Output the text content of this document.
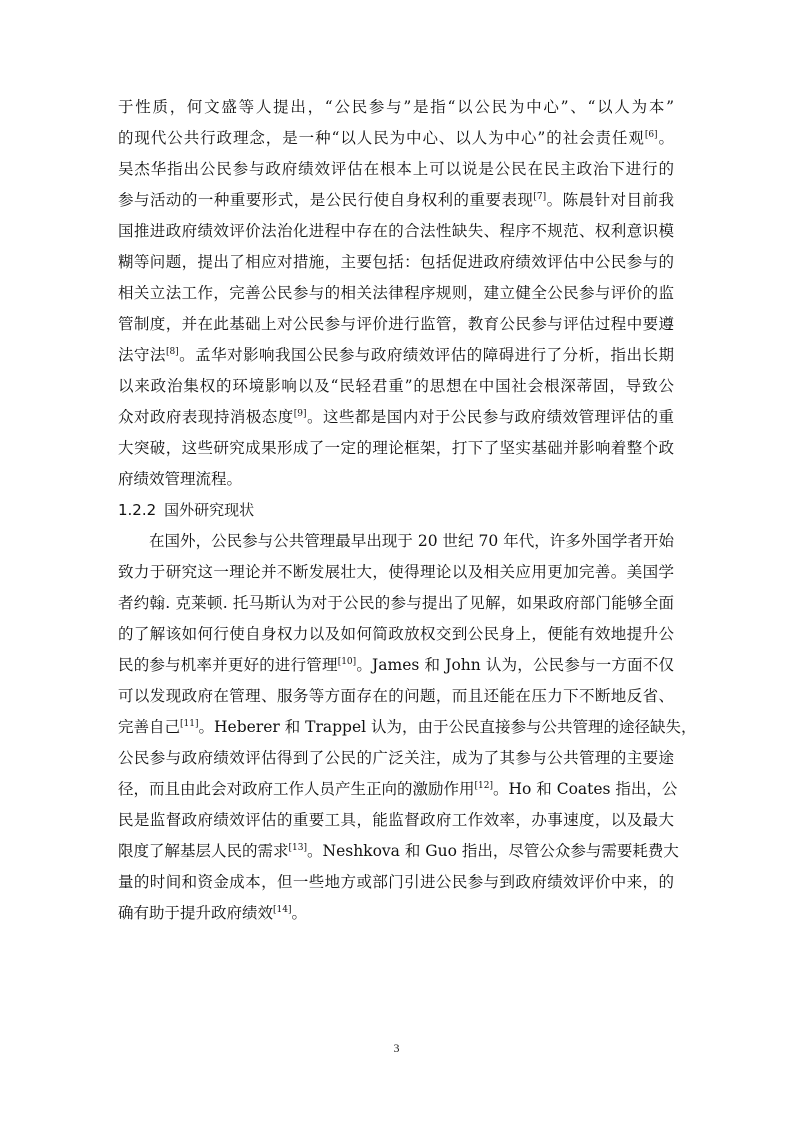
于性质，何文盛等人提出，“公民参与”是指“以公民为中心”、“以人为本”
的现代公共行政理念，是一种“以人民为中心、以人为中心”的社会责任观[6]。
吴杰华指出公民参与政府绩效评估在根本上可以说是公民在民主政治下进行的
参与活动的一种重要形式，是公民行使自身权利的重要表现[7]。陈晨针对目前我
国推进政府绩效评价法治化进程中存在的合法性缺失、程序不规范、权利意识模
糊等问题，提出了相应对措施，主要包括：包括促进政府绩效评估中公民参与的
相关立法工作，完善公民参与的相关法律程序规则，建立健全公民参与评价的监
管制度，并在此基础上对公民参与评价进行监管，教育公民参与评估过程中要遵
法守法[8]。孟华对影响我国公民参与政府绩效评估的障碍进行了分析，指出长期
以来政治集权的环境影响以及“民轻君重”的思想在中国社会根深蒂固，导致公
众对政府表现持消极态度[9]。这些都是国内对于公民参与政府绩效管理评估的重
大突破，这些研究成果形成了一定的理论框架，打下了坚实基础并影响着整个政
府绩效管理流程。
1.2.2 国外研究现状
在国外，公民参与公共管理最早出现于 20 世纪 70 年代，许多外国学者开始
致力于研究这一理论并不断发展壮大，使得理论以及相关应用更加完善。美国学
者约翰. 克莱顿. 托马斯认为对于公民的参与提出了见解，如果政府部门能够全面
的了解该如何行使自身权力以及如何简政放权交到公民身上，便能有效地提升公
民的参与机率并更好的进行管理[10]。James 和 John 认为，公民参与一方面不仅
可以发现政府在管理、服务等方面存在的问题，而且还能在压力下不断地反省、
完善自己[11]。Heberer 和 Trappel 认为，由于公民直接参与公共管理的途径缺失，
公民参与政府绩效评估得到了公民的广泛关注，成为了其参与公共管理的主要途
径，而且由此会对政府工作人员产生正向的激励作用[12]。Ho 和 Coates 指出，公
民是监督政府绩效评估的重要工具，能监督政府工作效率，办事速度，以及最大
限度了解基层人民的需求[13]。Neshkova 和 Guo 指出，尽管公众参与需要耗费大
量的时间和资金成本，但一些地方或部门引进公民参与到政府绩效评价中来，的
确有助于提升政府绩效[14]。
3
